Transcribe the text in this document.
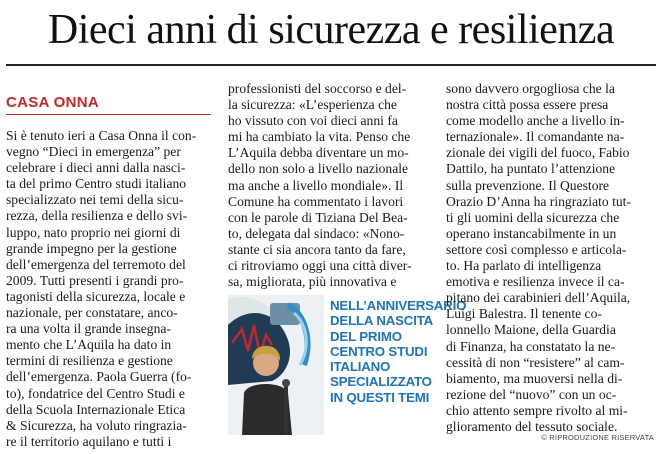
Dieci anni di sicurezza e resilienza
CASA ONNA

Si è tenuto ieri a Casa Onna il con-

vegno “Dieci in emergenza” per

celebrare i dieci anni dalla nasci-

ta del primo Centro studi italiano

specializzato nei temi della sicu-

rezza, della resilienza e dello svi-

luppo, nato proprio nei giorni di

grande impegno per la gestione

dell’emergenza del terremoto del

2009. Tutti presenti i grandi pro-

tagonisti della sicurezza, locale e

nazionale, per constatare, anco-

ra una volta il grande insegna-

mento che L’Aquila ha dato in

termini di resilienza e gestione

dell’emergenza. Paola Guerra (fo-

to), fondatrice del Centro Studi e

della Scuola Internazionale Etica

& Sicurezza, ha voluto ringrazia-

re il territorio aquilano e tutti i

professionisti del soccorso e del-

la sicurezza: «L’esperienza che

ho vissuto con voi dieci anni fa

mi ha cambiato la vita. Penso che

L’Aquila debba diventare un mo-

dello non solo a livello nazionale

ma anche a livello mondiale». Il

Comune ha commentato i lavori

con le parole di Tiziana Del Bea-

to, delegata dal sindaco: «Nono-

stante ci sia ancora tanto da fare,

ci ritroviamo oggi una città diver-

sa, migliorata, più innovativa e

NELL’ANNIVERSARIO

DELLA NASCITA

DEL PRIMO

CENTRO STUDI

ITALIANO

SPECIALIZZATO

IN QUESTI TEMI

sono davvero orgogliosa che la

nostra città possa essere presa

come modello anche a livello in-

ternazionale». Il comandante na-

zionale dei vigili del fuoco, Fabio

Dattilo, ha puntato l’attenzione

sulla prevenzione. Il Questore

Orazio D’Anna ha ringraziato tut-

ti gli uomini della sicurezza che

operano instancabilmente in un

settore così complesso e articola-

to. Ha parlato di intelligenza

emotiva e resilienza invece il ca-

pitano dei carabinieri dell’Aquila,

Luigi Balestra. Il tenente co-

lonnello Maione, della Guardia

di Finanza, ha constatato la ne-

cessità di non “resistere” al cam-

biamento, ma muoversi nella di-

rezione del “nuovo” con un oc-

chio attento sempre rivolto al mi-

glioramento del tessuto sociale.

© RIPRODUZIONE RISERVATA
